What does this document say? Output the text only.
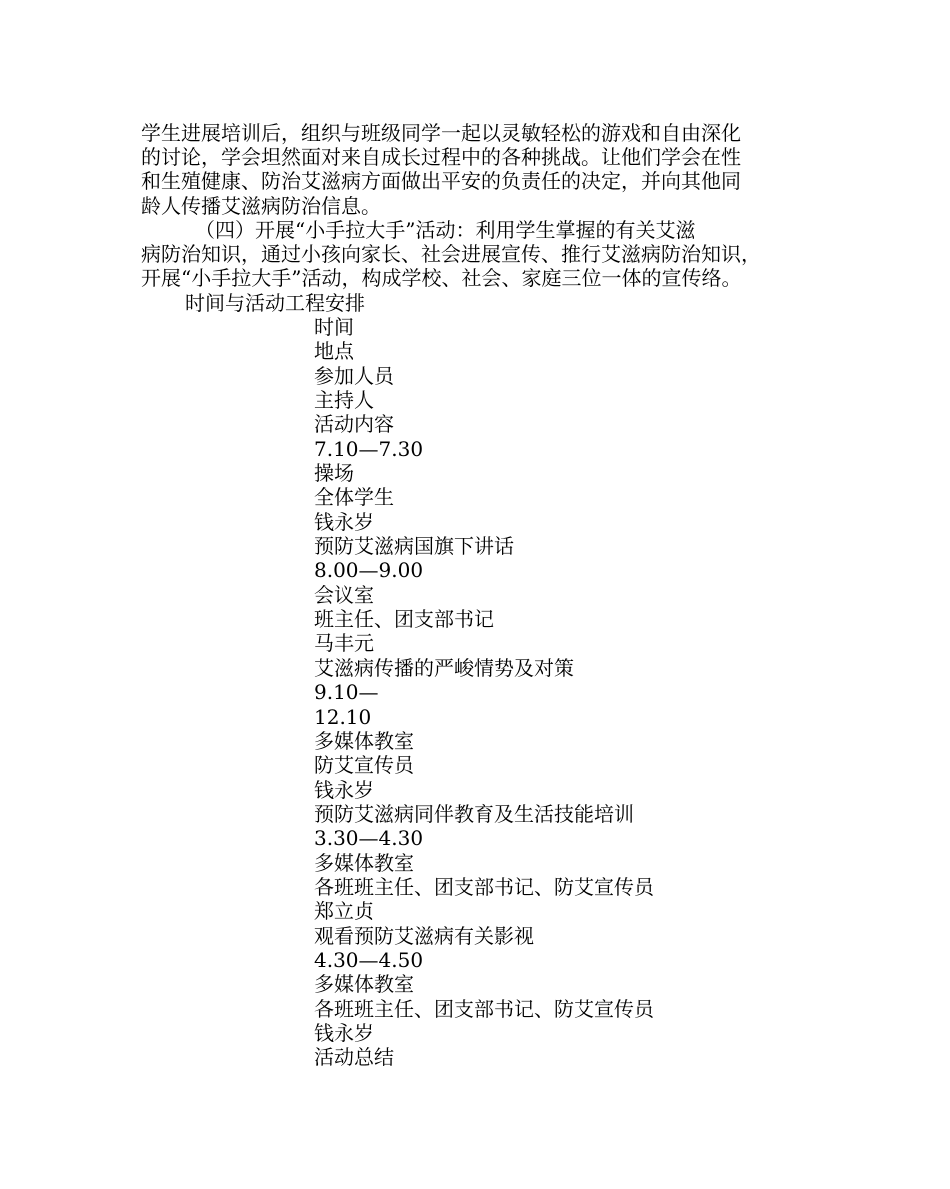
学生进展培训后，组织与班级同学一起以灵敏轻松的游戏和自由深化
的讨论，学会坦然面对来自成长过程中的各种挑战。让他们学会在性
和生殖健康、防治艾滋病方面做出平安的负责任的决定，并向其他同
龄人传播艾滋病防治信息。
（四）开展“小手拉大手”活动：利用学生掌握的有关艾滋
病防治知识，通过小孩向家长、社会进展宣传、推行艾滋病防治知识，
开展“小手拉大手”活动，构成学校、社会、家庭三位一体的宣传络。
时间与活动工程安排
时间
地点
参加人员
主持人
活动内容
7.10—7.30
操场
全体学生
钱永岁
预防艾滋病国旗下讲话
8.00—9.00
会议室
班主任、团支部书记
马丰元
艾滋病传播的严峻情势及对策
9.10—
12.10
多媒体教室
防艾宣传员
钱永岁
预防艾滋病同伴教育及生活技能培训
3.30—4.30
多媒体教室
各班班主任、团支部书记、防艾宣传员
郑立贞
观看预防艾滋病有关影视
4.30—4.50
多媒体教室
各班班主任、团支部书记、防艾宣传员
钱永岁
活动总结
